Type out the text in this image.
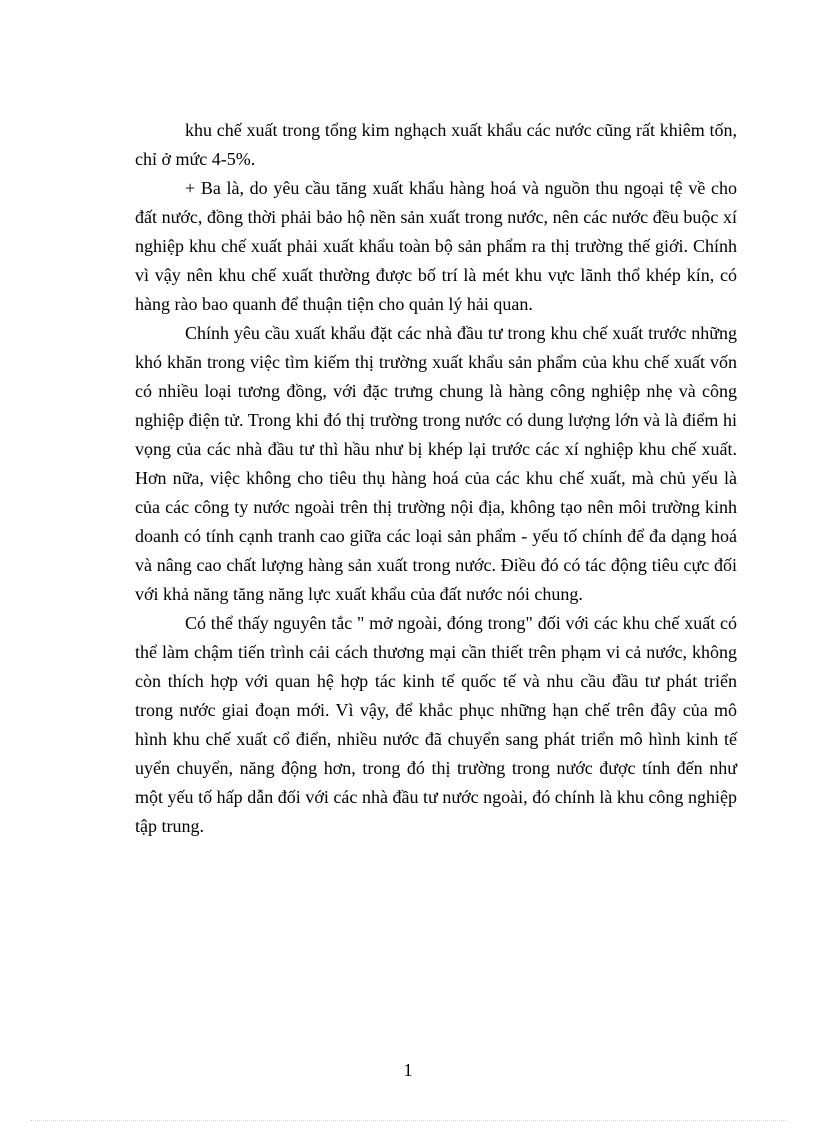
khu chế xuất trong tổng kim nghạch xuất khẩu các nước cũng rất khiêm tốn, chỉ ở mức 4-5%.

+ Ba là, do yêu cầu tăng xuất khẩu hàng hoá và nguồn thu ngoại tệ về cho đất nước, đồng thời phải bảo hộ nền sản xuất trong nước, nên các nước đều buộc xí nghiệp khu chế xuất phải xuất khẩu toàn bộ sản phẩm ra thị trường thế giới. Chính vì vậy nên khu chế xuất thường được bố trí là mét khu vực lãnh thổ khép kín, có hàng rào bao quanh để thuận tiện cho quản lý hải quan.

Chính yêu cầu xuất khẩu đặt các nhà đầu tư trong khu chế xuất trước những khó khăn trong việc tìm kiếm thị trường xuất khẩu sản phẩm của khu chế xuất vốn có nhiều loại tương đồng, với đặc trưng chung là hàng công nghiệp nhẹ và công nghiệp điện tử. Trong khi đó thị trường trong nước có dung lượng lớn và là điểm hi vọng của các nhà đầu tư thì hầu như bị khép lại trước các xí nghiệp khu chế xuất. Hơn nữa, việc không cho tiêu thụ hàng hoá của các khu chế xuất, mà chủ yếu là của các công ty nước ngoài trên thị trường nội địa, không tạo nên môi trường kinh doanh có tính cạnh tranh cao giữa các loại sản phẩm - yếu tố chính để đa dạng hoá và nâng cao chất lượng hàng sản xuất trong nước. Điều đó có tác động tiêu cực đối với khả năng tăng năng lực xuất khẩu của đất nước nói chung.

Có thể thấy nguyên tắc " mở ngoài, đóng trong" đối với các khu chế xuất có thể làm chậm tiến trình cải cách thương mại cần thiết trên phạm vi cả nước, không còn thích hợp với quan hệ hợp tác kinh tế quốc tế và nhu cầu đầu tư phát triển trong nước giai đoạn mới. Vì vậy, để khắc phục những hạn chế trên đây của mô hình khu chế xuất cổ điển, nhiều nước đã chuyển sang phát triển mô hình kinh tế uyển chuyển, năng động hơn, trong đó thị trường trong nước được tính đến như một yếu tố hấp dẫn đối với các nhà đầu tư nước ngoài, đó chính là khu công nghiệp tập trung.

1
